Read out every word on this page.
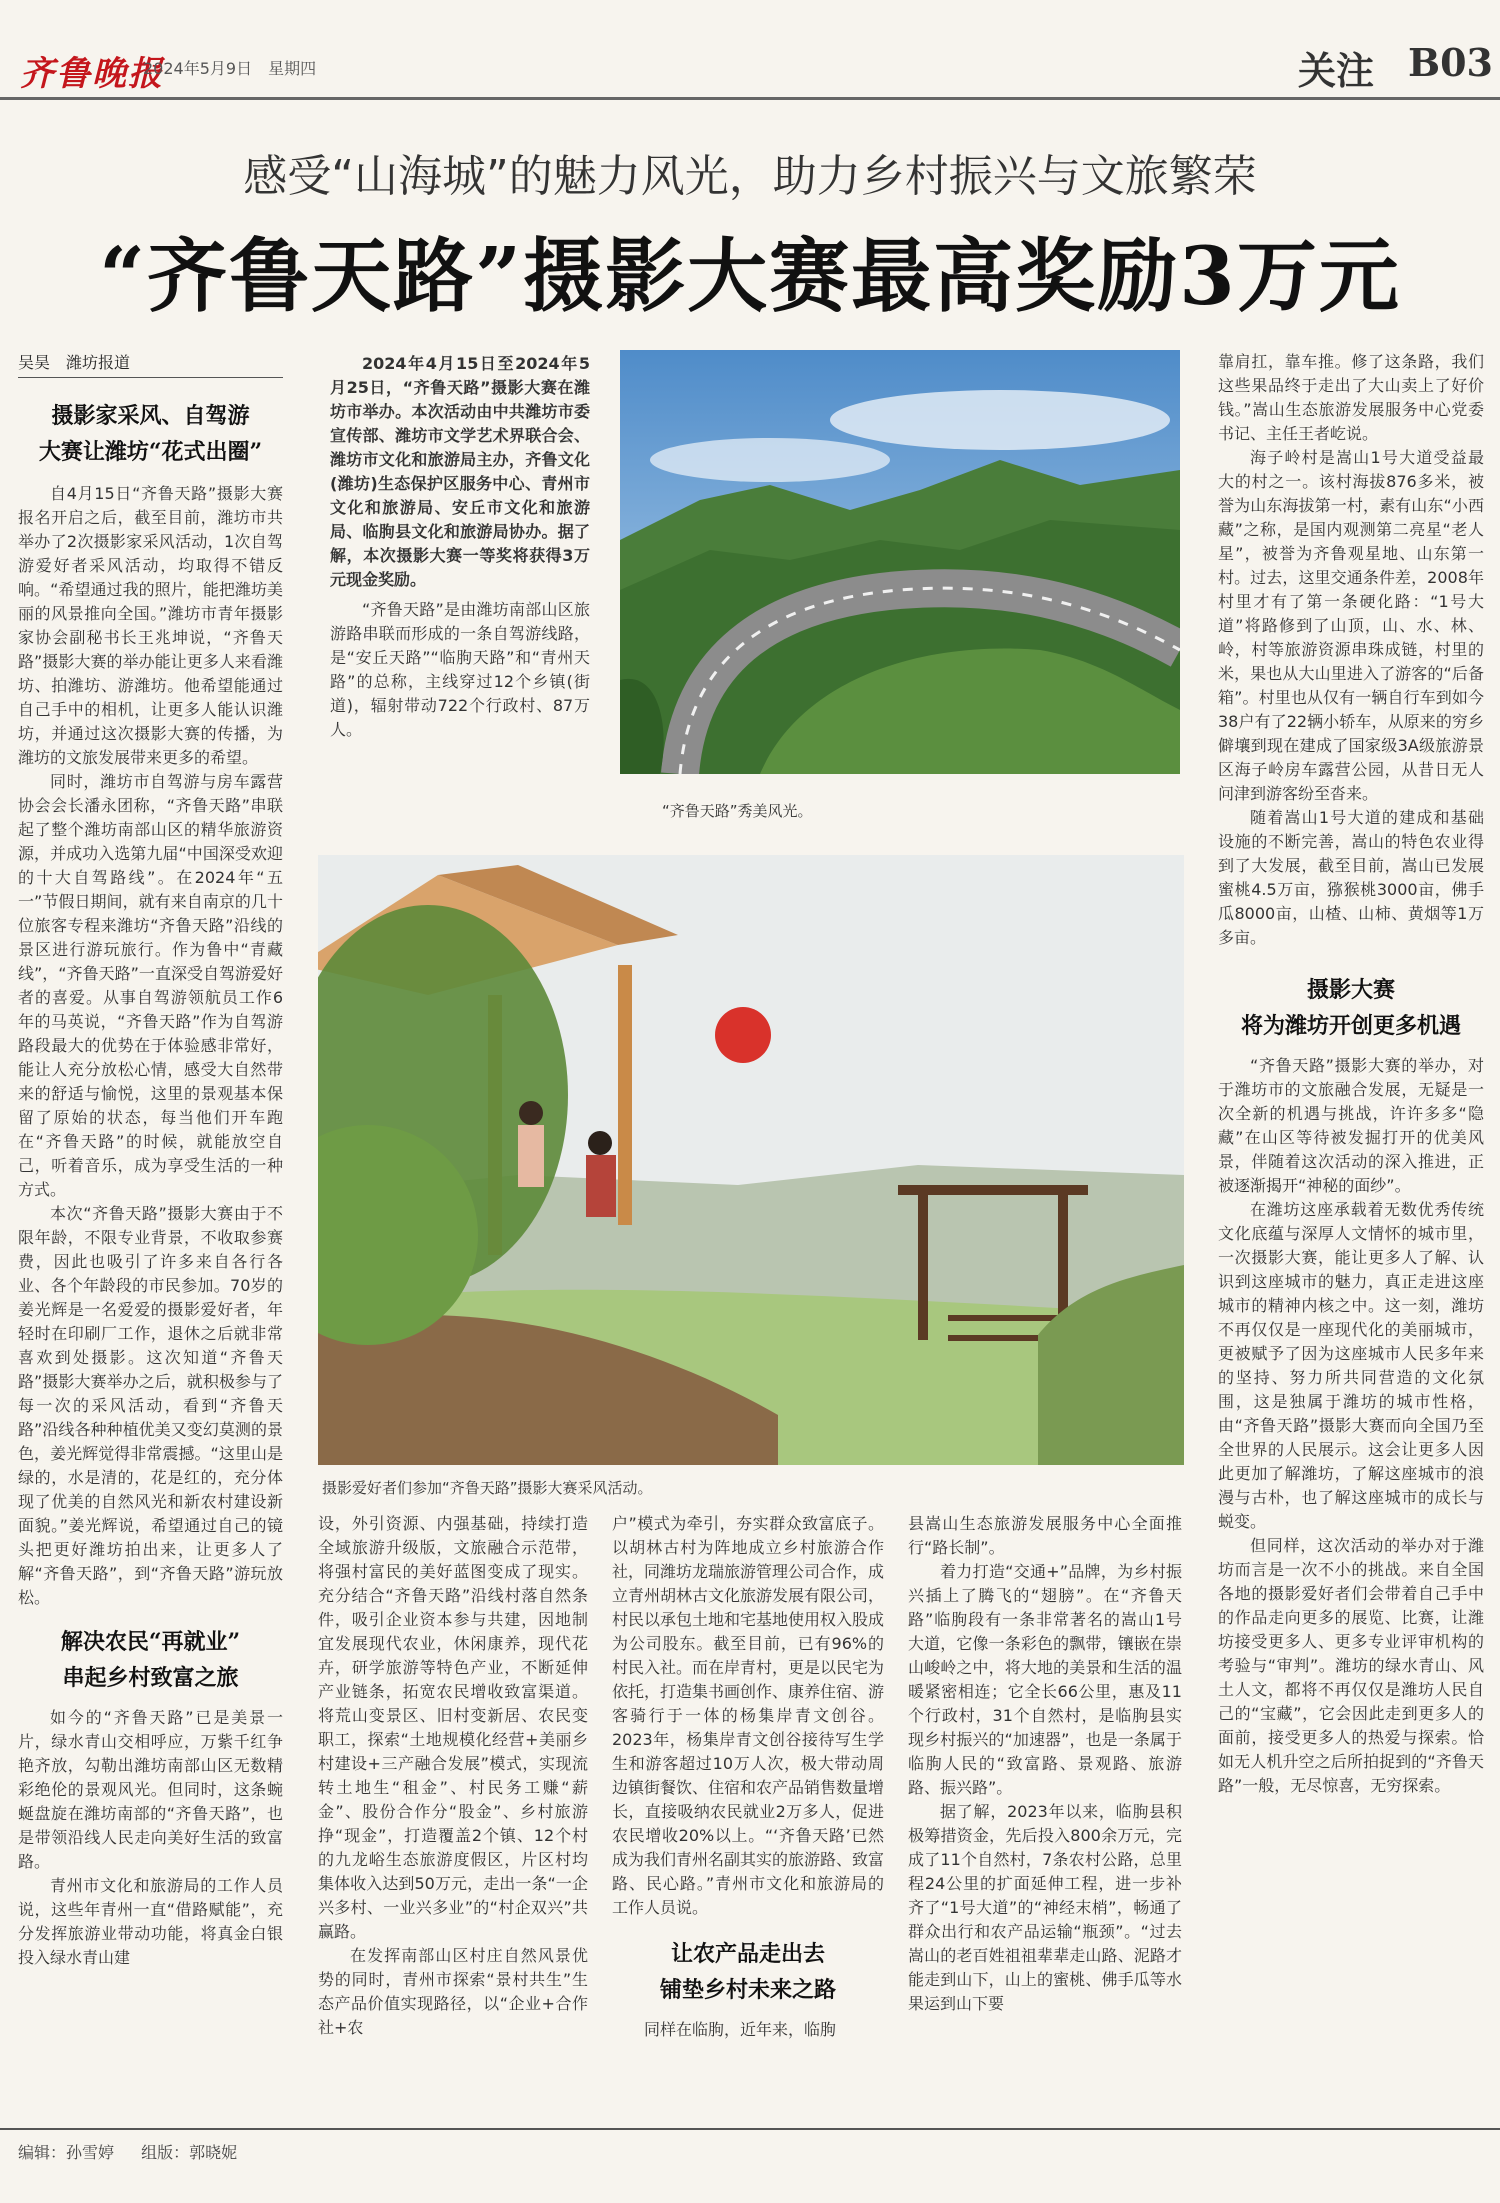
齐鲁晚报
2024年5月9日　星期四	关注 B03
感受“山海城”的魅力风光，助力乡村振兴与文旅繁荣
“齐鲁天路”摄影大赛最高奖励3万元
吴昊　潍坊报道
摄影家采风、自驾游
大赛让潍坊“花式出圈”

自4月15日“齐鲁天路”摄影大赛报名开启之后，截至目前，潍坊市共举办了2次摄影家采风活动，1次自驾游爱好者采风活动，均取得不错反响。“希望通过我的照片，能把潍坊美丽的风景推向全国。”潍坊市青年摄影家协会副秘书长王兆坤说，“齐鲁天路”摄影大赛的举办能让更多人来看潍坊、拍潍坊、游潍坊。他希望能通过自己手中的相机，让更多人能认识潍坊，并通过这次摄影大赛的传播，为潍坊的文旅发展带来更多的希望。

同时，潍坊市自驾游与房车露营协会会长潘永团称，“齐鲁天路”串联起了整个潍坊南部山区的精华旅游资源，并成功入选第九届“中国深受欢迎的十大自驾路线”。在2024年“五一”节假日期间，就有来自南京的几十位旅客专程来潍坊“齐鲁天路”沿线的景区进行游玩旅行。作为鲁中“青藏线”，“齐鲁天路”一直深受自驾游爱好者的喜爱。从事自驾游领航员工作6年的马英说，“齐鲁天路”作为自驾游路段最大的优势在于体验感非常好，能让人充分放松心情，感受大自然带来的舒适与愉悦，这里的景观基本保留了原始的状态，每当他们开车跑在“齐鲁天路”的时候，就能放空自己，听着音乐，成为享受生活的一种方式。

本次“齐鲁天路”摄影大赛由于不限年龄，不限专业背景，不收取参赛费，因此也吸引了许多来自各行各业、各个年龄段的市民参加。70岁的姜光辉是一名爱爱的摄影爱好者，年轻时在印刷厂工作，退休之后就非常喜欢到处摄影。这次知道“齐鲁天路”摄影大赛举办之后，就积极参与了每一次的采风活动，看到“齐鲁天路”沿线各种种植优美又变幻莫测的景色，姜光辉觉得非常震撼。“这里山是绿的，水是清的，花是红的，充分体现了优美的自然风光和新农村建设新面貌。”姜光辉说，希望通过自己的镜头把更好潍坊拍出来，让更多人了解“齐鲁天路”，到“齐鲁天路”游玩放松。

解决农民“再就业”
串起乡村致富之旅

如今的“齐鲁天路”已是美景一片，绿水青山交相呼应，万紫千红争艳齐放，勾勒出潍坊南部山区无数精彩绝伦的景观风光。但同时，这条蜿蜒盘旋在潍坊南部的“齐鲁天路”，也是带领沿线人民走向美好生活的致富路。

青州市文化和旅游局的工作人员说，这些年青州一直“借路赋能”，充分发挥旅游业带动功能，将真金白银投入绿水青山建

2024年4月15日至2024年5月25日，“齐鲁天路”摄影大赛在潍坊市举办。本次活动由中共潍坊市委宣传部、潍坊市文学艺术界联合会、潍坊市文化和旅游局主办，齐鲁文化(潍坊)生态保护区服务中心、青州市文化和旅游局、安丘市文化和旅游局、临朐县文化和旅游局协办。据了解，本次摄影大赛一等奖将获得3万元现金奖励。

“齐鲁天路”是由潍坊南部山区旅游路串联而形成的一条自驾游线路，是“安丘天路”“临朐天路”和“青州天路”的总称，主线穿过12个乡镇(街道)，辐射带动722个行政村、87万人。

“齐鲁天路”秀美风光。

靠肩扛，靠车推。修了这条路，我们这些果品终于走出了大山卖上了好价钱。”嵩山生态旅游发展服务中心党委书记、主任王者屹说。

海子岭村是嵩山1号大道受益最大的村之一。该村海拔876多米，被誉为山东海拔第一村，素有山东“小西藏”之称，是国内观测第二亮星“老人星”，被誉为齐鲁观星地、山东第一村。过去，这里交通条件差，2008年村里才有了第一条硬化路：“1号大道”将路修到了山顶，山、水、林、岭，村等旅游资源串珠成链，村里的米，果也从大山里进入了游客的“后备箱”。村里也从仅有一辆自行车到如今38户有了22辆小轿车，从原来的穷乡僻壤到现在建成了国家级3A级旅游景区海子岭房车露营公园，从昔日无人问津到游客纷至沓来。

随着嵩山1号大道的建成和基础设施的不断完善，嵩山的特色农业得到了大发展，截至目前，嵩山已发展蜜桃4.5万亩，猕猴桃3000亩，佛手瓜8000亩，山楂、山柿、黄烟等1万多亩。

摄影大赛
将为潍坊开创更多机遇

“齐鲁天路”摄影大赛的举办，对于潍坊市的文旅融合发展，无疑是一次全新的机遇与挑战，许许多多“隐藏”在山区等待被发掘打开的优美风景，伴随着这次活动的深入推进，正被逐渐揭开“神秘的面纱”。

在潍坊这座承载着无数优秀传统文化底蕴与深厚人文情怀的城市里，一次摄影大赛，能让更多人了解、认识到这座城市的魅力，真正走进这座城市的精神内核之中。这一刻，潍坊不再仅仅是一座现代化的美丽城市，更被赋予了因为这座城市人民多年来的坚持、努力所共同营造的文化氛围，这是独属于潍坊的城市性格，由“齐鲁天路”摄影大赛而向全国乃至全世界的人民展示。这会让更多人因此更加了解潍坊，了解这座城市的浪漫与古朴，也了解这座城市的成长与蜕变。

但同样，这次活动的举办对于潍坊而言是一次不小的挑战。来自全国各地的摄影爱好者们会带着自己手中的作品走向更多的展览、比赛，让潍坊接受更多人、更多专业评审机构的考验与“审判”。潍坊的绿水青山、风土人文，都将不再仅仅是潍坊人民自己的“宝藏”，它会因此走到更多人的面前，接受更多人的热爱与探索。恰如无人机升空之后所拍捉到的“齐鲁天路”一般，无尽惊喜，无穷探索。

摄影爱好者们参加“齐鲁天路”摄影大赛采风活动。

设，外引资源、内强基础，持续打造全域旅游升级版，文旅融合示范带，将强村富民的美好蓝图变成了现实。充分结合“齐鲁天路”沿线村落自然条件，吸引企业资本参与共建，因地制宜发展现代农业，休闲康养，现代花卉，研学旅游等特色产业，不断延伸产业链条，拓宽农民增收致富渠道。将荒山变景区、旧村变新居、农民变职工，探索“土地规模化经营+美丽乡村建设+三产融合发展”模式，实现流转土地生“租金”、村民务工赚“薪金”、股份合作分“股金”、乡村旅游挣“现金”，打造覆盖2个镇、12个村的九龙峪生态旅游度假区，片区村均集体收入达到50万元，走出一条“一企兴多村、一业兴多业”的“村企双兴”共赢路。

在发挥南部山区村庄自然风景优势的同时，青州市探索“景村共生”生态产品价值实现路径，以“企业+合作社+农

户”模式为牵引，夯实群众致富底子。以胡林古村为阵地成立乡村旅游合作社，同潍坊龙瑞旅游管理公司合作，成立青州胡林古文化旅游发展有限公司，村民以承包土地和宅基地使用权入股成为公司股东。截至目前，已有96%的村民入社。而在岸青村，更是以民宅为依托，打造集书画创作、康养住宿、游客骑行于一体的杨集岸青文创谷。2023年，杨集岸青文创谷接待写生学生和游客超过10万人次，极大带动周边镇街餐饮、住宿和农产品销售数量增长，直接吸纳农民就业2万多人，促进农民增收20%以上。“‘齐鲁天路’已然成为我们青州名副其实的旅游路、致富路、民心路。”青州市文化和旅游局的工作人员说。

让农产品走出去
铺垫乡村未来之路

同样在临朐，近年来，临朐

县嵩山生态旅游发展服务中心全面推行“路长制”。

着力打造“交通+”品牌，为乡村振兴插上了腾飞的“翅膀”。在“齐鲁天路”临朐段有一条非常著名的嵩山1号大道，它像一条彩色的飘带，镶嵌在崇山峻岭之中，将大地的美景和生活的温暖紧密相连；它全长66公里，惠及11个行政村，31个自然村，是临朐县实现乡村振兴的“加速器”，也是一条属于临朐人民的“致富路、景观路、旅游路、振兴路”。

据了解，2023年以来，临朐县积极筹措资金，先后投入800余万元，完成了11个自然村，7条农村公路，总里程24公里的扩面延伸工程，进一步补齐了“1号大道”的“神经末梢”，畅通了群众出行和农产品运输“瓶颈”。“过去嵩山的老百姓祖祖辈辈走山路、泥路才能走到山下，山上的蜜桃、佛手瓜等水果运到山下要

编辑：孙雪婷 组版：郭晓妮
